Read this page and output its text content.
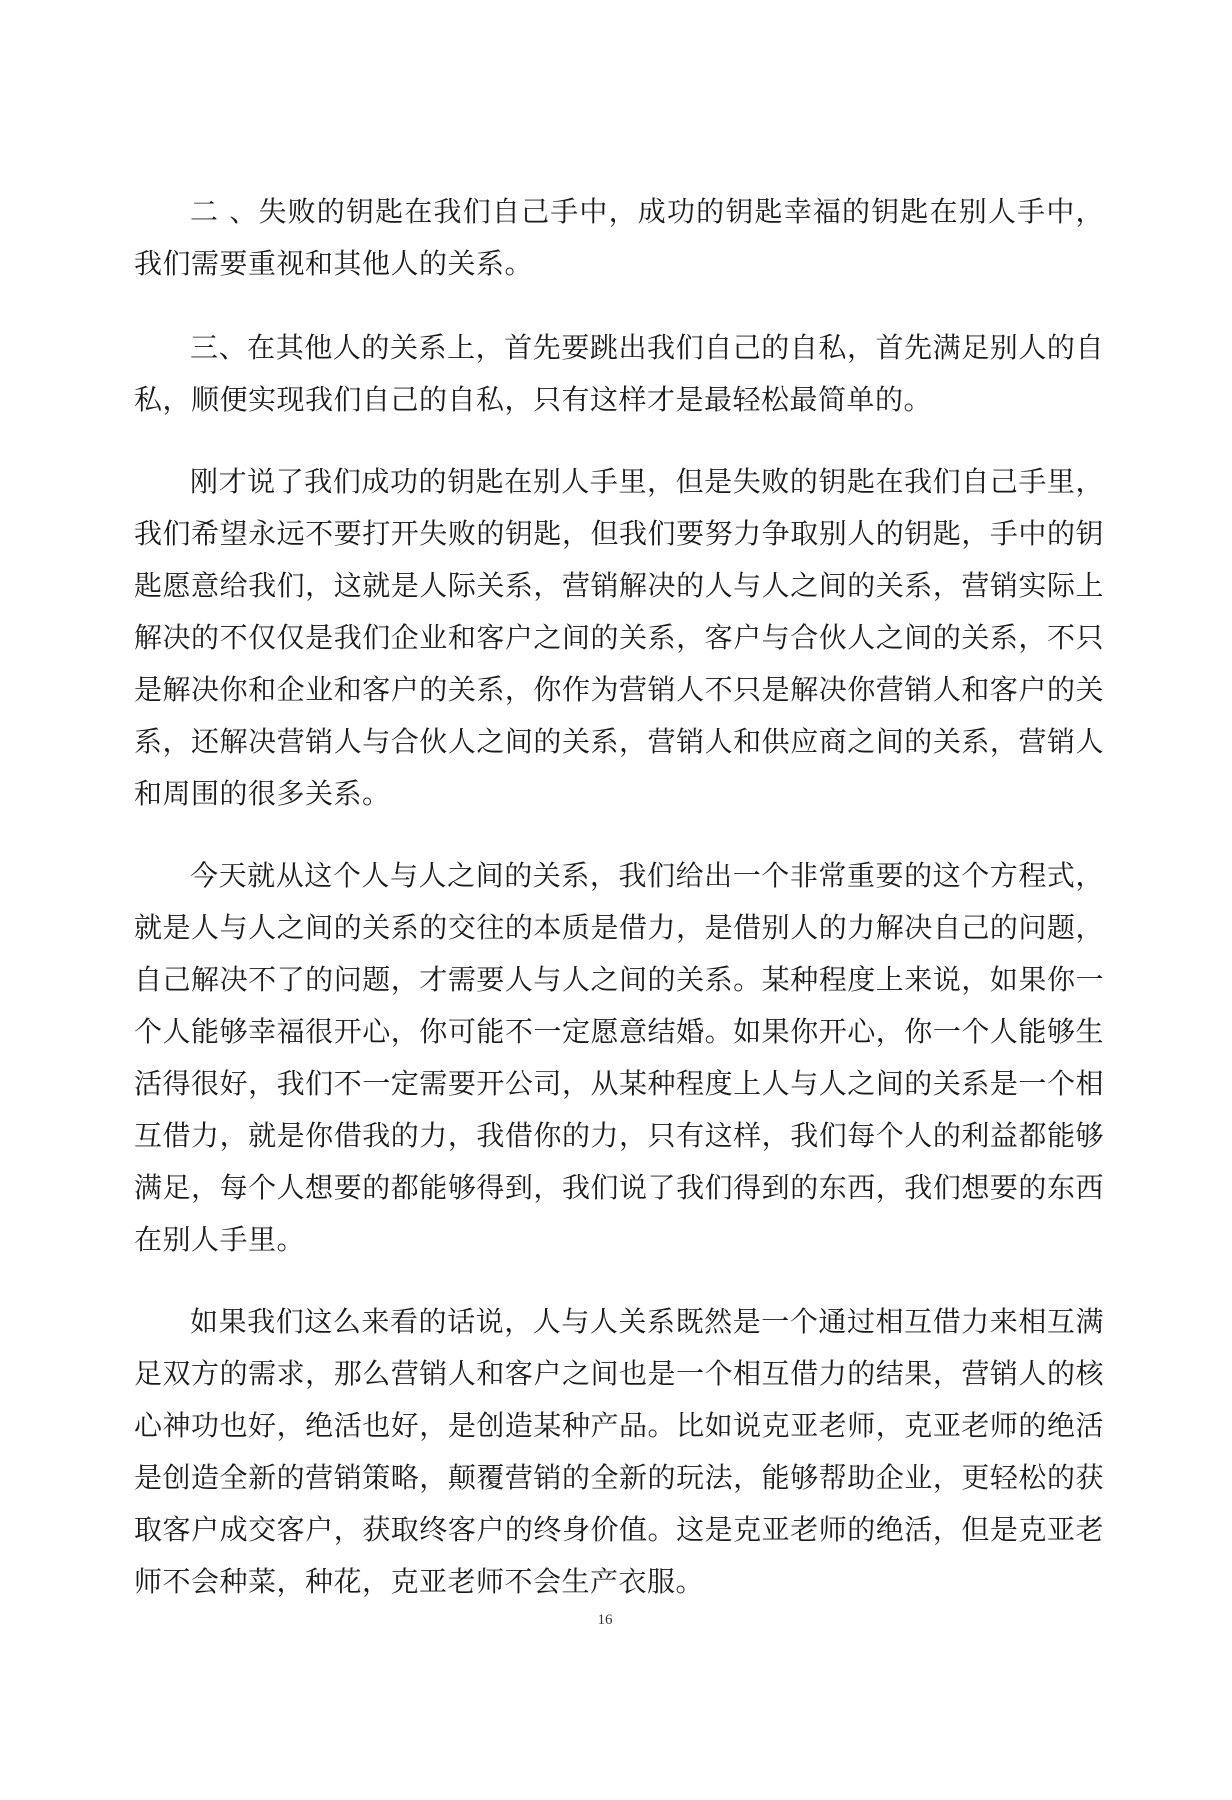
二 、失败的钥匙在我们自己手中，成功的钥匙幸福的钥匙在别人手中，我们需要重视和其他人的关系。

三、在其他人的关系上，首先要跳出我们自己的自私，首先满足别人的自私，顺便实现我们自己的自私，只有这样才是最轻松最简单的。

刚才说了我们成功的钥匙在别人手里，但是失败的钥匙在我们自己手里，我们希望永远不要打开失败的钥匙，但我们要努力争取别人的钥匙，手中的钥匙愿意给我们，这就是人际关系，营销解决的人与人之间的关系，营销实际上解决的不仅仅是我们企业和客户之间的关系，客户与合伙人之间的关系，不只是解决你和企业和客户的关系，你作为营销人不只是解决你营销人和客户的关系，还解决营销人与合伙人之间的关系，营销人和供应商之间的关系，营销人和周围的很多关系。

今天就从这个人与人之间的关系，我们给出一个非常重要的这个方程式，就是人与人之间的关系的交往的本质是借力，是借别人的力解决自己的问题，自己解决不了的问题，才需要人与人之间的关系。某种程度上来说，如果你一个人能够幸福很开心，你可能不一定愿意结婚。如果你开心，你一个人能够生活得很好，我们不一定需要开公司，从某种程度上人与人之间的关系是一个相互借力，就是你借我的力，我借你的力，只有这样，我们每个人的利益都能够满足，每个人想要的都能够得到，我们说了我们得到的东西，我们想要的东西在别人手里。

如果我们这么来看的话说，人与人关系既然是一个通过相互借力来相互满足双方的需求，那么营销人和客户之间也是一个相互借力的结果，营销人的核心神功也好，绝活也好，是创造某种产品。比如说克亚老师，克亚老师的绝活是创造全新的营销策略，颠覆营销的全新的玩法，能够帮助企业，更轻松的获取客户成交客户，获取终客户的终身价值。这是克亚老师的绝活，但是克亚老师不会种菜，种花，克亚老师不会生产衣服。

16
